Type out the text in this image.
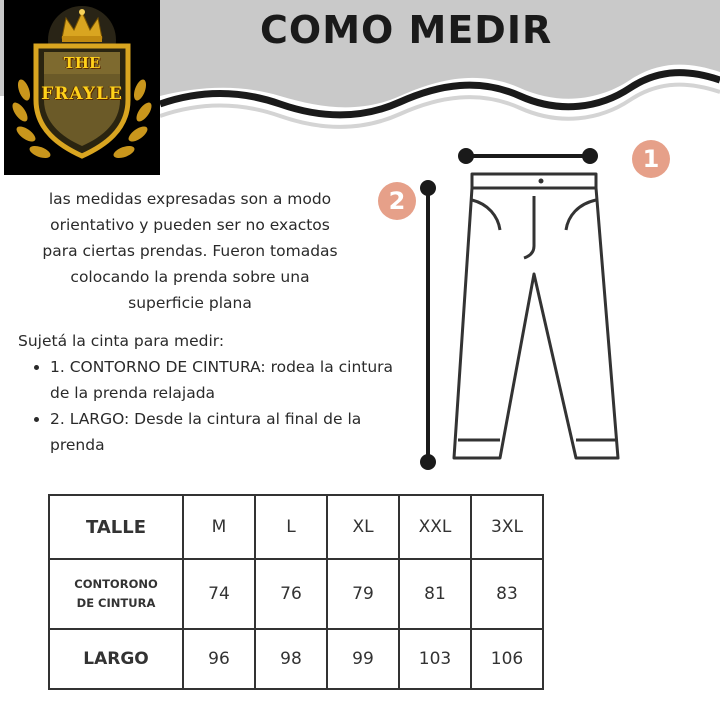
COMO MEDIR
THE
FRAYLE
las medidas expresadas son a modo
orientativo y pueden ser no exactos
para ciertas prendas. Fueron tomadas
colocando la prenda sobre una
superficie plana
Sujetá la cinta para medir:
• 1. CONTORNO DE CINTURA: rodea la cintura de la prenda relajada
• 2. LARGO: Desde la cintura al final de la prenda
1
2
TALLE	M	L	XL	XXL	3XL

CONTORONO
DE CINTURA	74	76	79	81	83
LARGO	96	98	99	103	106
